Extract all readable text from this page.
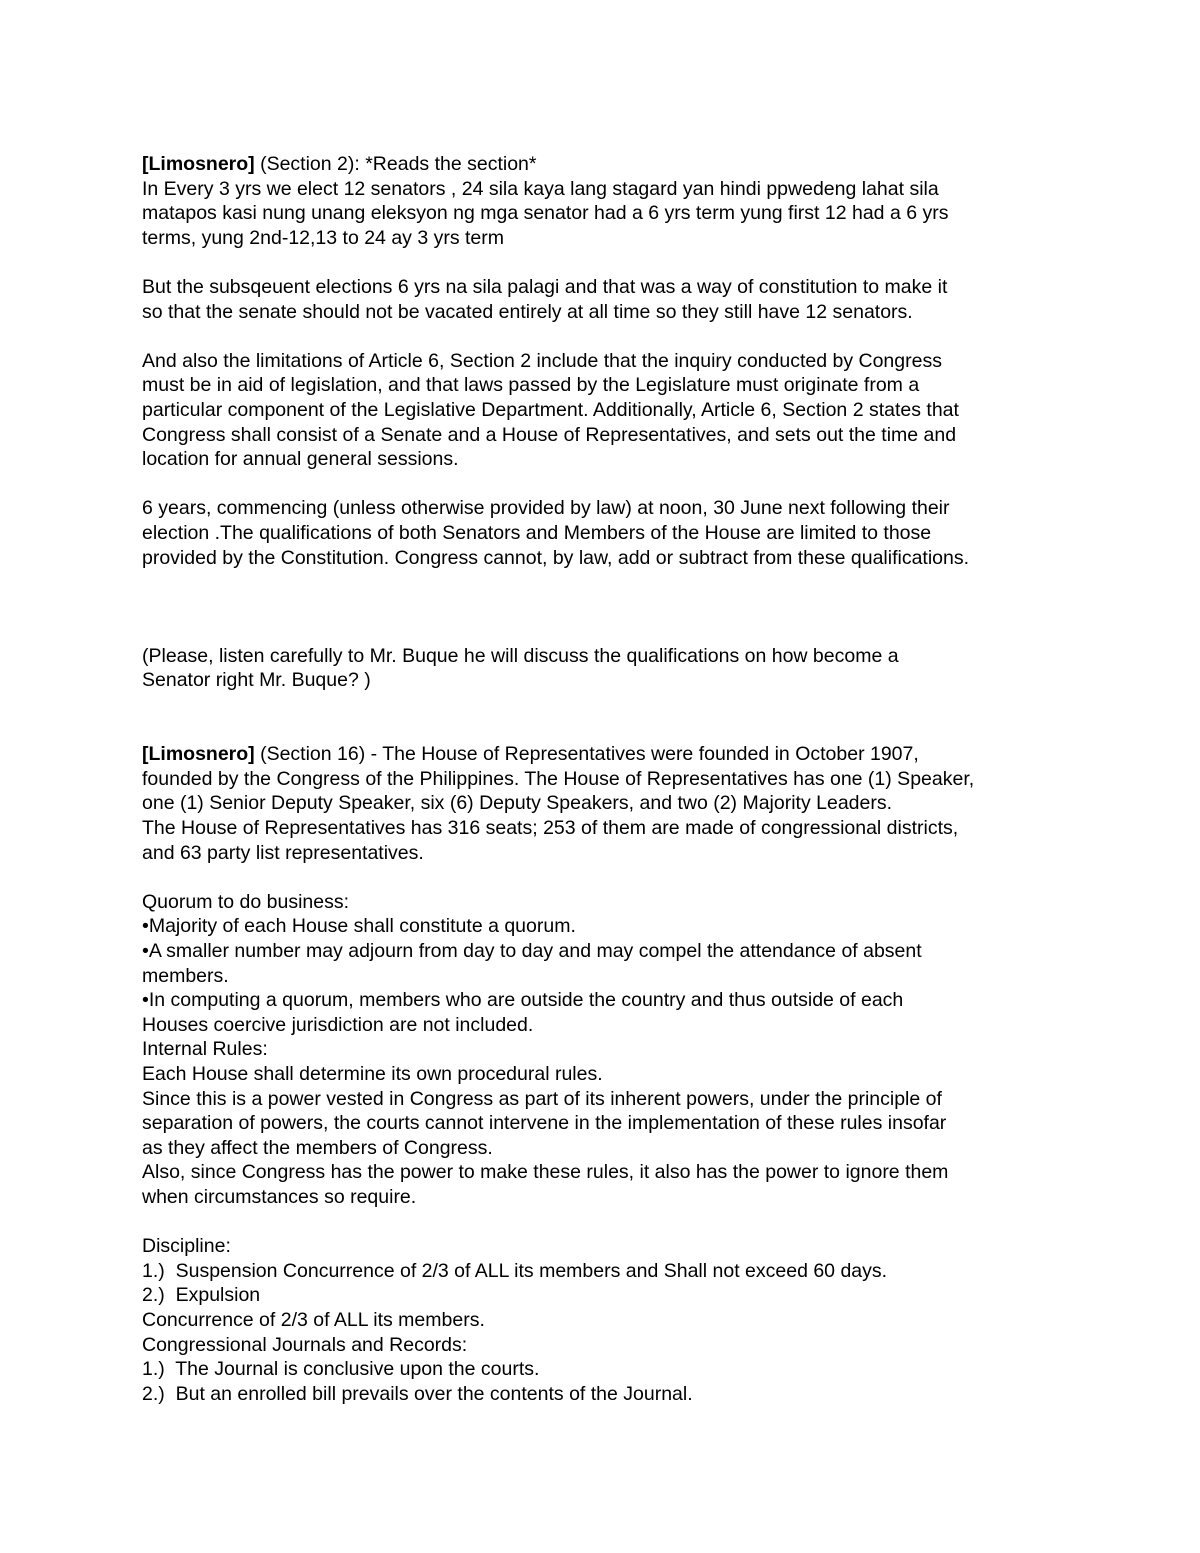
[Limosnero] (Section 2): *Reads the section*
In Every 3 yrs we elect 12 senators , 24 sila kaya lang stagard yan hindi ppwedeng lahat sila
matapos kasi nung unang eleksyon ng mga senator had a 6 yrs term yung first 12 had a 6 yrs
terms, yung 2nd-12,13 to 24 ay 3 yrs term
But the subsqeuent elections 6 yrs na sila palagi and that was a way of constitution to make it
so that the senate should not be vacated entirely at all time so they still have 12 senators.
And also the limitations of Article 6, Section 2 include that the inquiry conducted by Congress
must be in aid of legislation, and that laws passed by the Legislature must originate from a
particular component of the Legislative Department. Additionally, Article 6, Section 2 states that
Congress shall consist of a Senate and a House of Representatives, and sets out the time and
location for annual general sessions.
6 years, commencing (unless otherwise provided by law) at noon, 30 June next following their
election .The qualifications of both Senators and Members of the House are limited to those
provided by the Constitution. Congress cannot, by law, add or subtract from these qualifications.
(Please, listen carefully to Mr. Buque he will discuss the qualifications on how become a
Senator right Mr. Buque? )
[Limosnero] (Section 16) - The House of Representatives were founded in October 1907,
founded by the Congress of the Philippines. The House of Representatives has one (1) Speaker,
one (1) Senior Deputy Speaker, six (6) Deputy Speakers, and two (2) Majority Leaders.
The House of Representatives has 316 seats; 253 of them are made of congressional districts,
and 63 party list representatives.
Quorum to do business:
•Majority of each House shall constitute a quorum.
•A smaller number may adjourn from day to day and may compel the attendance of absent
members.
•In computing a quorum, members who are outside the country and thus outside of each
Houses coercive jurisdiction are not included.
Internal Rules:
Each House shall determine its own procedural rules.
Since this is a power vested in Congress as part of its inherent powers, under the principle of
separation of powers, the courts cannot intervene in the implementation of these rules insofar
as they affect the members of Congress.
Also, since Congress has the power to make these rules, it also has the power to ignore them
when circumstances so require.
Discipline:
1.)  Suspension Concurrence of 2/3 of ALL its members and Shall not exceed 60 days.
2.)  Expulsion
Concurrence of 2/3 of ALL its members.
Congressional Journals and Records:
1.)  The Journal is conclusive upon the courts.
2.)  But an enrolled bill prevails over the contents of the Journal.
